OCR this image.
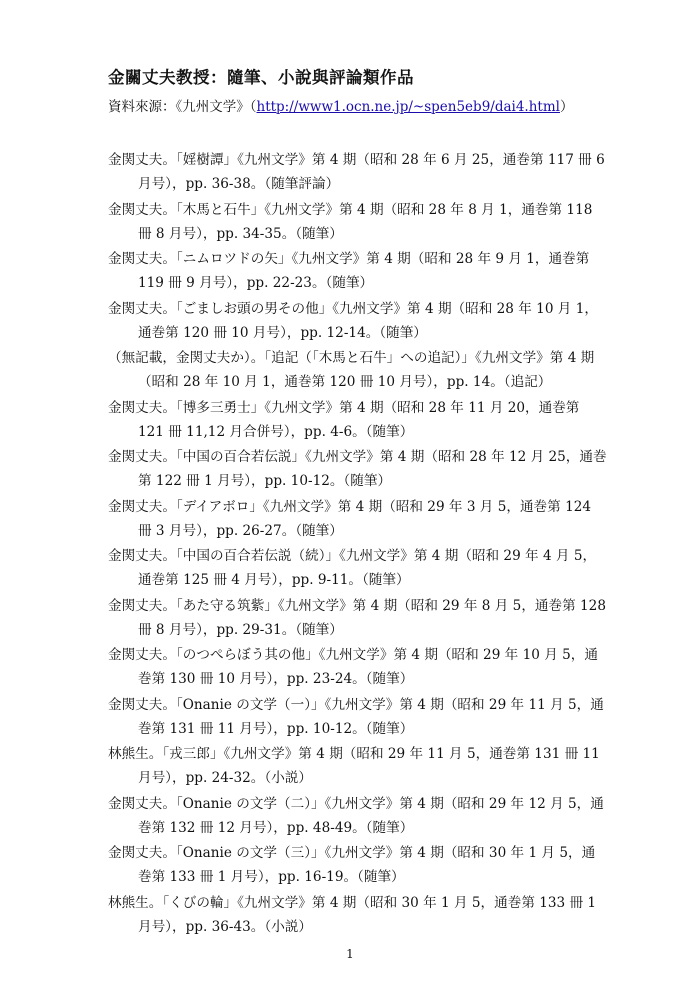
金關丈夫教授：隨筆、小說與評論類作品
資料來源：《九州文学》（http://www1.ocn.ne.jp/~spen5eb9/dai4.html）

金関丈夫。「婬樹譚」《九州文学》第 4 期（昭和 28 年 6 月 25，通巻第 117 冊 6 月号），pp. 36-38。（随筆評論）

金関丈夫。「木馬と石牛」《九州文学》第 4 期（昭和 28 年 8 月 1，通巻第 118 冊 8 月号），pp. 34-35。（随筆）

金関丈夫。「ニムロツドの矢」《九州文学》第 4 期（昭和 28 年 9 月 1，通巻第 119 冊 9 月号），pp. 22-23。（随筆）

金関丈夫。「ごましお頭の男その他」《九州文学》第 4 期（昭和 28 年 10 月 1，通巻第 120 冊 10 月号），pp. 12-14。（随筆）

（無記載，金関丈夫か）。「追記（「木馬と石牛」への追記）」《九州文学》第 4 期（昭和 28 年 10 月 1，通巻第 120 冊 10 月号），pp. 14。（追記）

金関丈夫。「博多三勇士」《九州文学》第 4 期（昭和 28 年 11 月 20，通巻第 121 冊 11,12 月合併号），pp. 4-6。（随筆）

金関丈夫。「中国の百合若伝説」《九州文学》第 4 期（昭和 28 年 12 月 25，通巻第 122 冊 1 月号），pp. 10-12。（随筆）

金関丈夫。「デイアボロ」《九州文学》第 4 期（昭和 29 年 3 月 5，通巻第 124 冊 3 月号），pp. 26-27。（随筆）

金関丈夫。「中国の百合若伝説（続）」《九州文学》第 4 期（昭和 29 年 4 月 5，通巻第 125 冊 4 月号），pp. 9-11。（随筆）

金関丈夫。「あた守る筑紫」《九州文学》第 4 期（昭和 29 年 8 月 5，通巻第 128 冊 8 月号），pp. 29-31。（随筆）

金関丈夫。「のつぺらぼう其の他」《九州文学》第 4 期（昭和 29 年 10 月 5，通巻第 130 冊 10 月号），pp. 23-24。（随筆）

金関丈夫。「Onanie の文学（一）」《九州文学》第 4 期（昭和 29 年 11 月 5，通巻第 131 冊 11 月号），pp. 10-12。（随筆）

林熊生。「戎三郎」《九州文学》第 4 期（昭和 29 年 11 月 5，通巻第 131 冊 11 月号），pp. 24-32。（小説）

金関丈夫。「Onanie の文学（二）」《九州文学》第 4 期（昭和 29 年 12 月 5，通巻第 132 冊 12 月号），pp. 48-49。（随筆）

金関丈夫。「Onanie の文学（三）」《九州文学》第 4 期（昭和 30 年 1 月 5，通巻第 133 冊 1 月号），pp. 16-19。（随筆）

林熊生。「くびの輪」《九州文学》第 4 期（昭和 30 年 1 月 5，通巻第 133 冊 1 月号），pp. 36-43。（小説）

1
